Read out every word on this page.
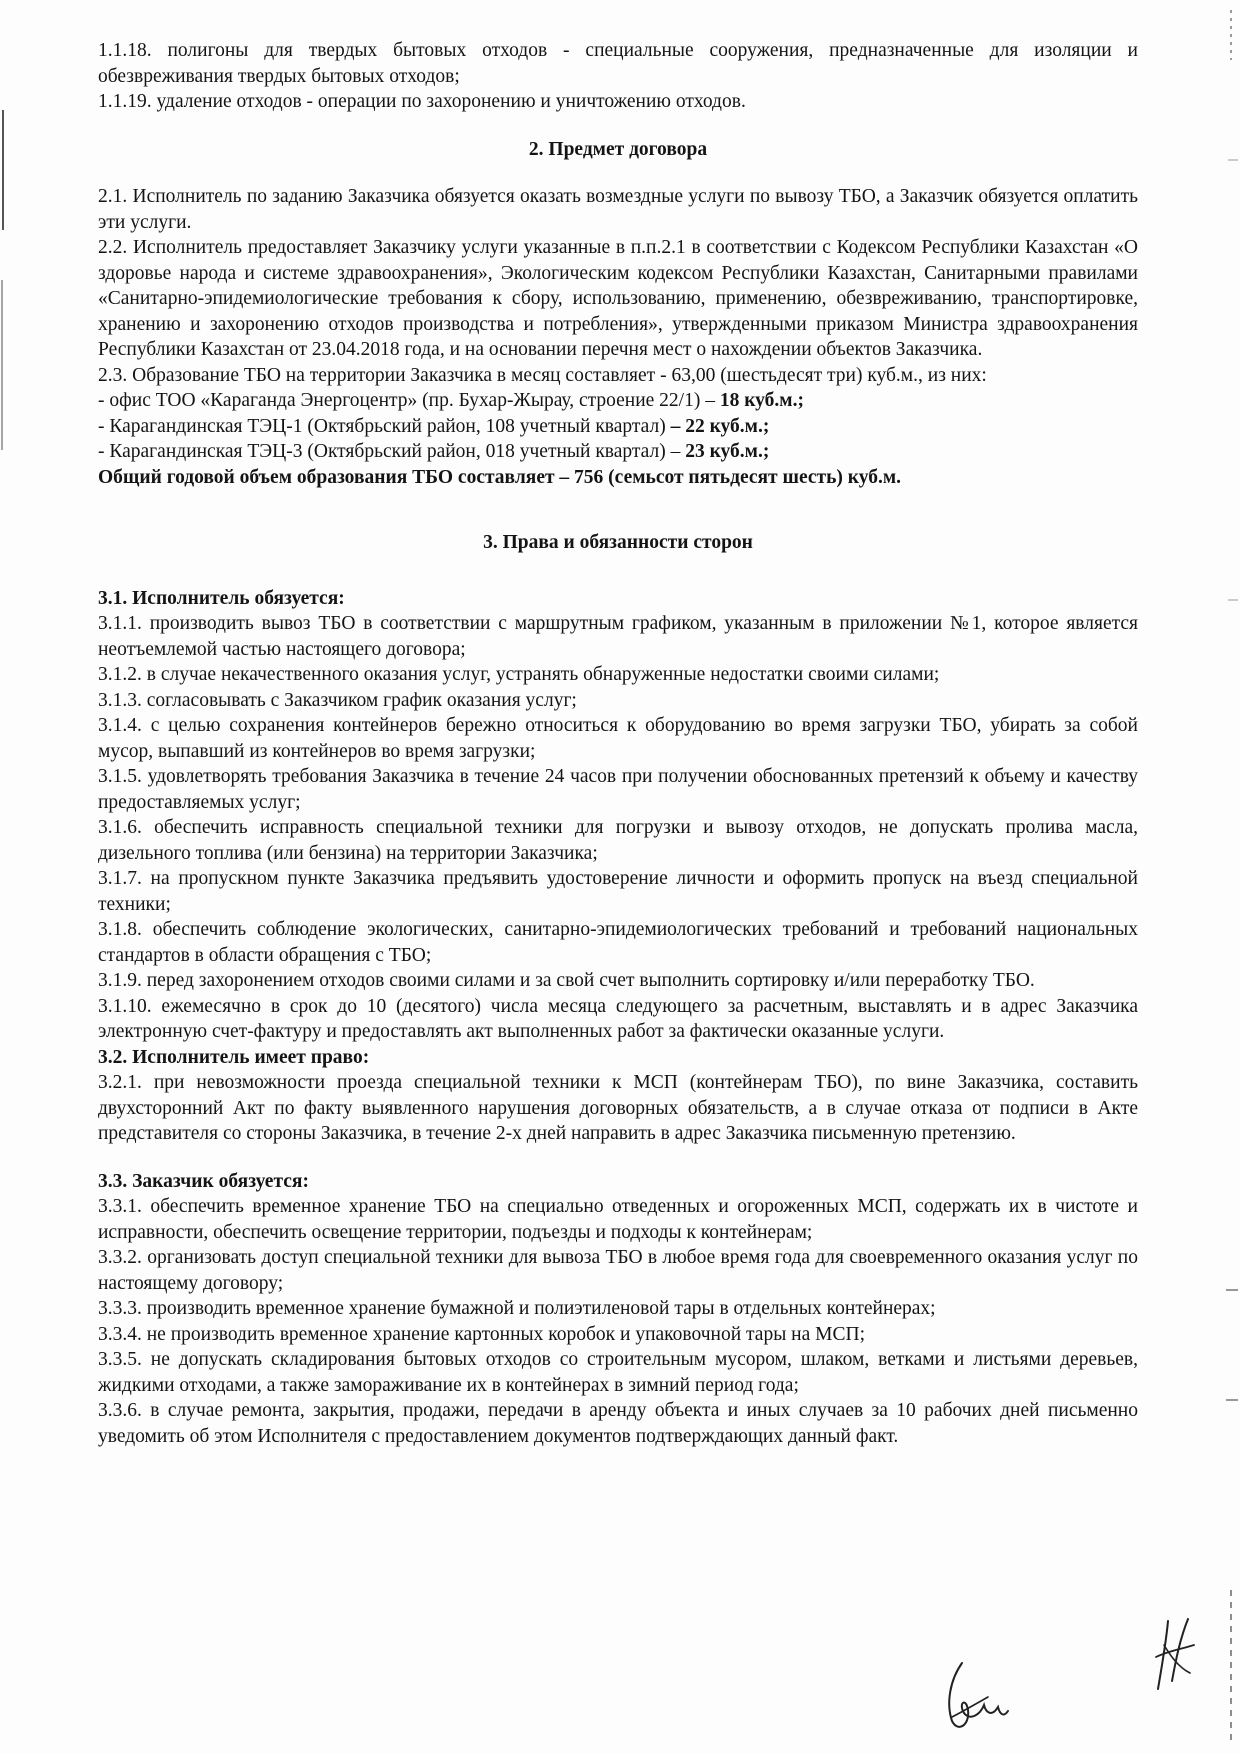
1.1.18. полигоны для твердых бытовых отходов - специальные сооружения, предназначенные для изоляции и обезвреживания твердых бытовых отходов;

1.1.19. удаление отходов - операции по захоронению и уничтожению отходов.

2. Предмет договора

2.1. Исполнитель по заданию Заказчика обязуется оказать возмездные услуги по вывозу ТБО, а Заказчик обязуется оплатить эти услуги.

2.2. Исполнитель предоставляет Заказчику услуги указанные в п.п.2.1 в соответствии с Кодексом Республики Казахстан «О здоровье народа и системе здравоохранения», Экологическим кодексом Республики Казахстан, Санитарными правилами «Санитарно-эпидемиологические требования к сбору, использованию, применению, обезвреживанию, транспортировке, хранению и захоронению отходов производства и потребления», утвержденными приказом Министра здравоохранения Республики Казахстан от 23.04.2018 года, и на основании перечня мест о нахождении объектов Заказчика.

2.3. Образование ТБО на территории Заказчика в месяц составляет - 63,00 (шестьдесят три) куб.м., из них:

- офис ТОО «Караганда Энергоцентр» (пр. Бухар-Жырау, строение 22/1) – 18 куб.м.;

- Карагандинская ТЭЦ-1 (Октябрьский район, 108 учетный квартал) – 22 куб.м.;

- Карагандинская ТЭЦ-3 (Октябрьский район, 018 учетный квартал) – 23 куб.м.;

Общий годовой объем образования ТБО составляет – 756 (семьсот пятьдесят шесть) куб.м.

3. Права и обязанности сторон

3.1. Исполнитель обязуется:

3.1.1. производить вывоз ТБО в соответствии с маршрутным графиком, указанным в приложении №1, которое является неотъемлемой частью настоящего договора;

3.1.2. в случае некачественного оказания услуг, устранять обнаруженные недостатки своими силами;

3.1.3. согласовывать с Заказчиком график оказания услуг;

3.1.4. с целью сохранения контейнеров бережно относиться к оборудованию во время загрузки ТБО, убирать за собой мусор, выпавший из контейнеров во время загрузки;

3.1.5. удовлетворять требования Заказчика в течение 24 часов при получении обоснованных претензий к объему и качеству предоставляемых услуг;

3.1.6. обеспечить исправность специальной техники для погрузки и вывозу отходов, не допускать пролива масла, дизельного топлива (или бензина) на территории Заказчика;

3.1.7. на пропускном пункте Заказчика предъявить удостоверение личности и оформить пропуск на въезд специальной техники;

3.1.8. обеспечить соблюдение экологических, санитарно-эпидемиологических требований и требований национальных стандартов в области обращения с ТБО;

3.1.9. перед захоронением отходов своими силами и за свой счет выполнить сортировку и/или переработку ТБО.

3.1.10. ежемесячно в срок до 10 (десятого) числа месяца следующего за расчетным, выставлять и в адрес Заказчика электронную счет-фактуру и предоставлять акт выполненных работ за фактически оказанные услуги.

3.2. Исполнитель имеет право:

3.2.1. при невозможности проезда специальной техники к МСП (контейнерам ТБО), по вине Заказчика, составить двухсторонний Акт по факту выявленного нарушения договорных обязательств, а в случае отказа от подписи в Акте представителя со стороны Заказчика, в течение 2-х дней направить в адрес Заказчика письменную претензию.

3.3. Заказчик обязуется:

3.3.1. обеспечить временное хранение ТБО на специально отведенных и огороженных МСП, содержать их в чистоте и исправности, обеспечить освещение территории, подъезды и подходы к контейнерам;

3.3.2. организовать доступ специальной техники для вывоза ТБО в любое время года для своевременного оказания услуг по настоящему договору;

3.3.3. производить временное хранение бумажной и полиэтиленовой тары в отдельных контейнерах;

3.3.4. не производить временное хранение картонных коробок и упаковочной тары на МСП;

3.3.5. не допускать складирования бытовых отходов со строительным мусором, шлаком, ветками и листьями деревьев, жидкими отходами, а также замораживание их в контейнерах в зимний период года;

3.3.6. в случае ремонта, закрытия, продажи, передачи в аренду объекта и иных случаев за 10 рабочих дней письменно уведомить об этом Исполнителя с предоставлением документов подтверждающих данный факт.
